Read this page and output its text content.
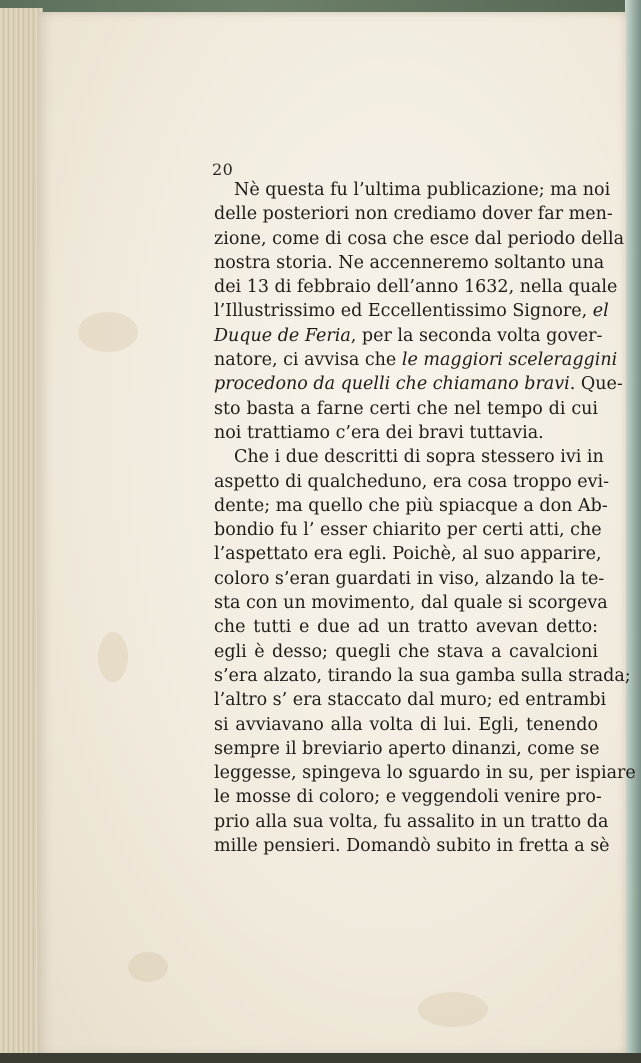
20
Nè questa fu l’ultima publicazione; ma noi
delle posteriori non crediamo dover far men-
zione, come di cosa che esce dal periodo della
nostra storia. Ne accenneremo soltanto una
dei 13 di febbraio dell’anno 1632, nella quale
l’Illustrissimo ed Eccellentissimo Signore, el
Duque de Feria, per la seconda volta gover-
natore, ci avvisa che le maggiori sceleraggini
procedono da quelli che chiamano bravi. Que-
sto basta a farne certi che nel tempo di cui
noi trattiamo c’era dei bravi tuttavia.
Che i due descritti di sopra stessero ivi in
aspetto di qualcheduno, era cosa troppo evi-
dente; ma quello che più spiacque a don Ab-
bondio fu l’ esser chiarito per certi atti, che
l’aspettato era egli. Poichè, al suo apparire,
coloro s’eran guardati in viso, alzando la te-
sta con un movimento, dal quale si scorgeva
che tutti e due ad un tratto avevan detto:
egli è desso; quegli che stava a cavalcioni
s’era alzato, tirando la sua gamba sulla strada;
l’altro s’ era staccato dal muro; ed entrambi
si avviavano alla volta di lui. Egli, tenendo
sempre il breviario aperto dinanzi, come se
leggesse, spingeva lo sguardo in su, per ispiare
le mosse di coloro; e veggendoli venire pro-
prio alla sua volta, fu assalito in un tratto da
mille pensieri. Domandò subito in fretta a sè
